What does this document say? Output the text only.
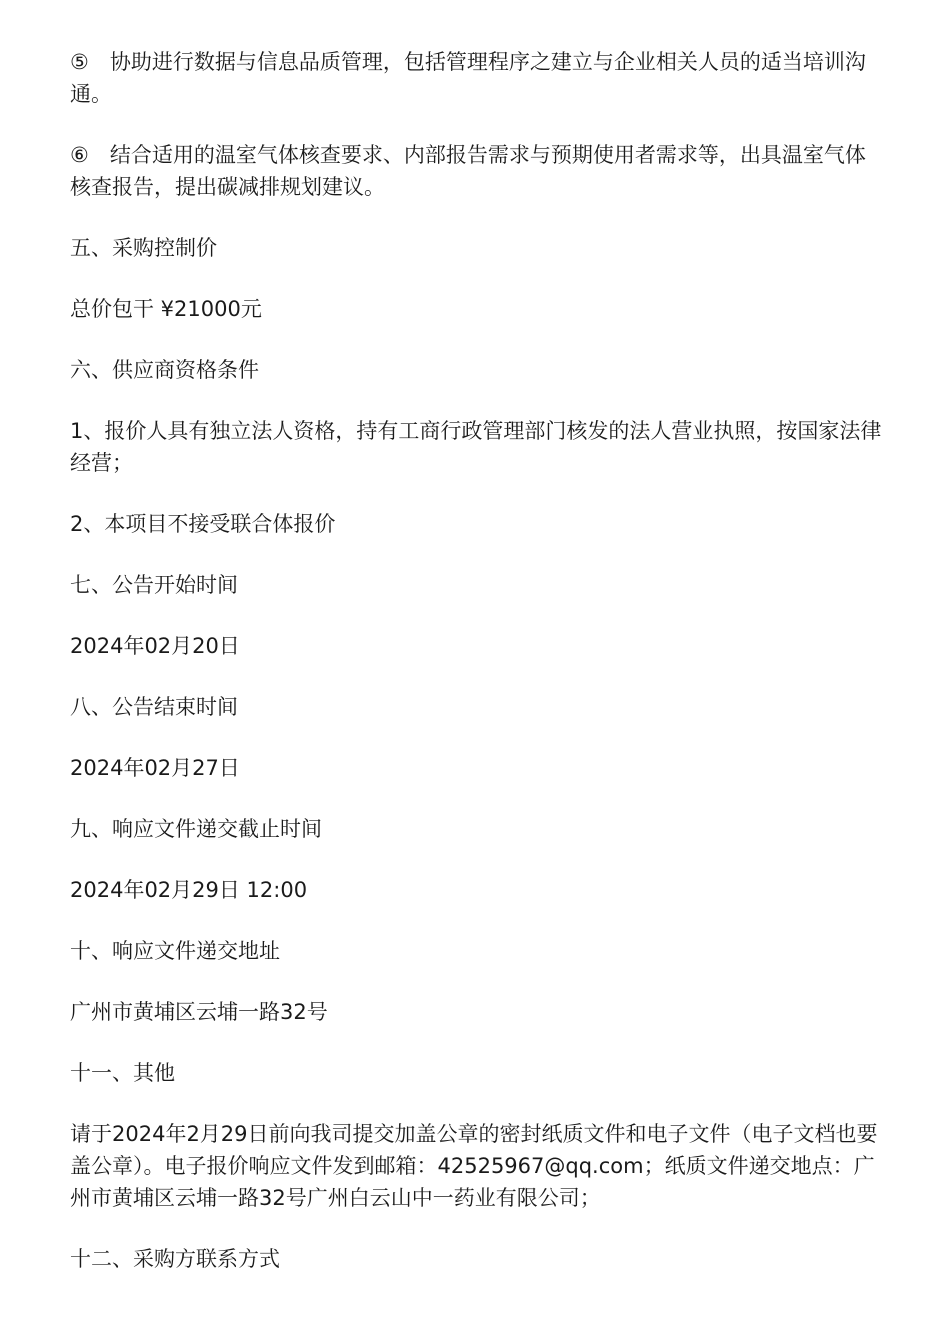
⑤　协助进行数据与信息品质管理，包括管理程序之建立与企业相关人员的适当培训沟通。

⑥　结合适用的温室气体核查要求、内部报告需求与预期使用者需求等，出具温室气体核查报告，提出碳减排规划建议。

五、采购控制价

总价包干 ¥21000元

六、供应商资格条件

1、报价人具有独立法人资格，持有工商行政管理部门核发的法人营业执照，按国家法律经营；

2、本项目不接受联合体报价

七、公告开始时间

2024年02月20日

八、公告结束时间

2024年02月27日

九、响应文件递交截止时间

2024年02月29日 12:00

十、响应文件递交地址

广州市黄埔区云埔一路32号

十一、其他

请于2024年2月29日前向我司提交加盖公章的密封纸质文件和电子文件（电子文档也要盖公章）。电子报价响应文件发到邮箱：42525967@qq.com；纸质文件递交地点：广州市黄埔区云埔一路32号广州白云山中一药业有限公司；

十二、采购方联系方式
